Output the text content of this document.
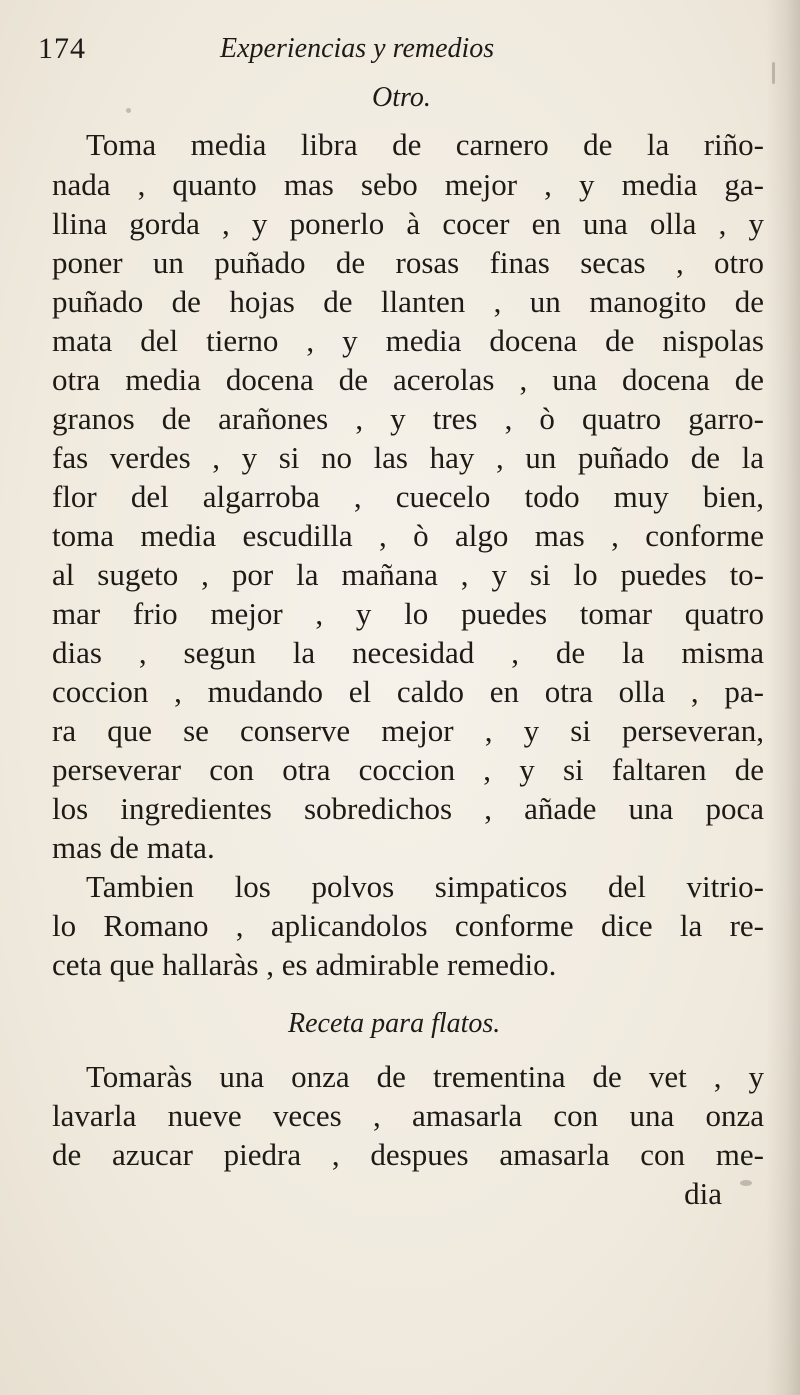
174	Experiencias y remedios
Otro.
Toma media libra de carnero de la riño-
nada , quanto mas sebo mejor , y media ga-
llina gorda , y ponerlo à cocer en una olla , y
poner un puñado de rosas finas secas , otro
puñado de hojas de llanten , un manogito de
mata del tierno , y media docena de nispolas
otra media docena de acerolas , una docena de
granos de arañones , y tres , ò quatro garro-
fas verdes , y si no las hay , un puñado de la
flor del algarroba , cuecelo todo muy bien,
toma media escudilla , ò algo mas , conforme
al sugeto , por la mañana , y si lo puedes to-
mar frio mejor , y lo puedes tomar quatro
dias , segun la necesidad , de la misma
coccion , mudando el caldo en otra olla , pa-
ra que se conserve mejor , y si perseveran,
perseverar con otra coccion , y si faltaren de
los ingredientes sobredichos , añade una poca
mas de mata.
Tambien los polvos simpaticos del vitrio-
lo Romano , aplicandolos conforme dice la re-
ceta que hallaràs , es admirable remedio.
Receta para flatos.
Tomaràs una onza de trementina de vet , y
lavarla nueve veces , amasarla con una onza
de azucar piedra , despues amasarla con me-
dia
